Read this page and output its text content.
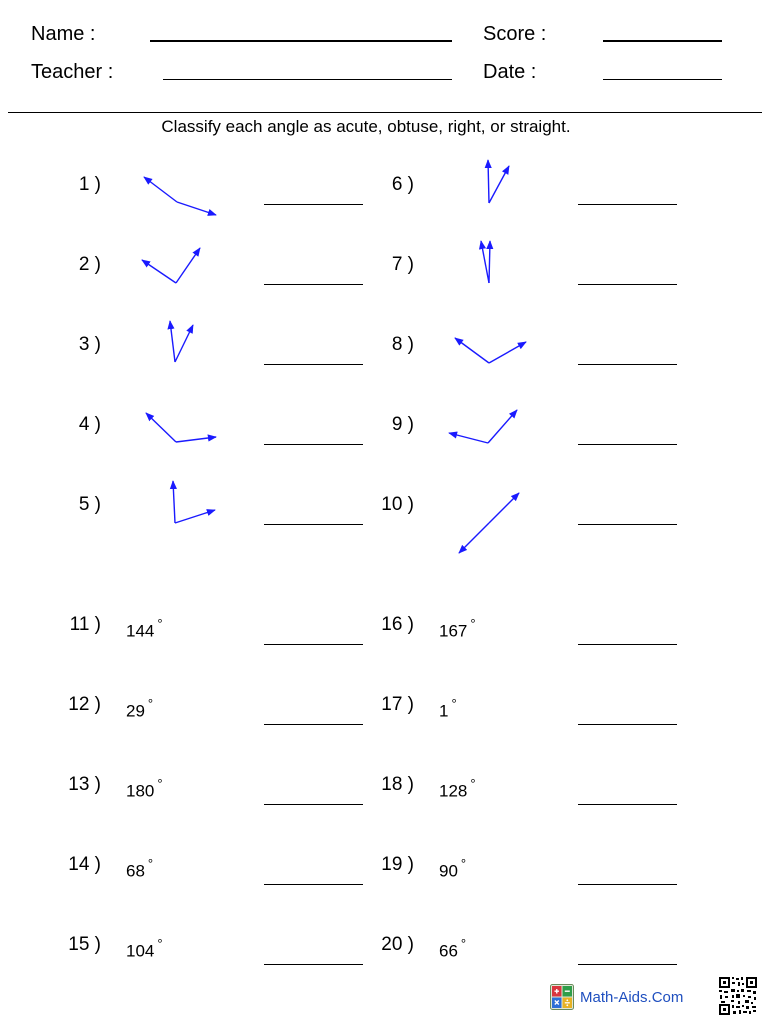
Name :	Score :
Teacher :	Date :
Classify each angle as acute, obtuse, right, or straight.
1 )
2 )
3 )
4 )
5 )
6 )
7 )
8 )
9 )
10 )
11 ) 144 °
12 ) 29 °
13 ) 180 °
14 ) 68 °
15 ) 104 °
16 ) 167 °
17 ) 1 °
18 ) 128 °
19 ) 90 °
20 ) 66 °
Math-Aids.Com
